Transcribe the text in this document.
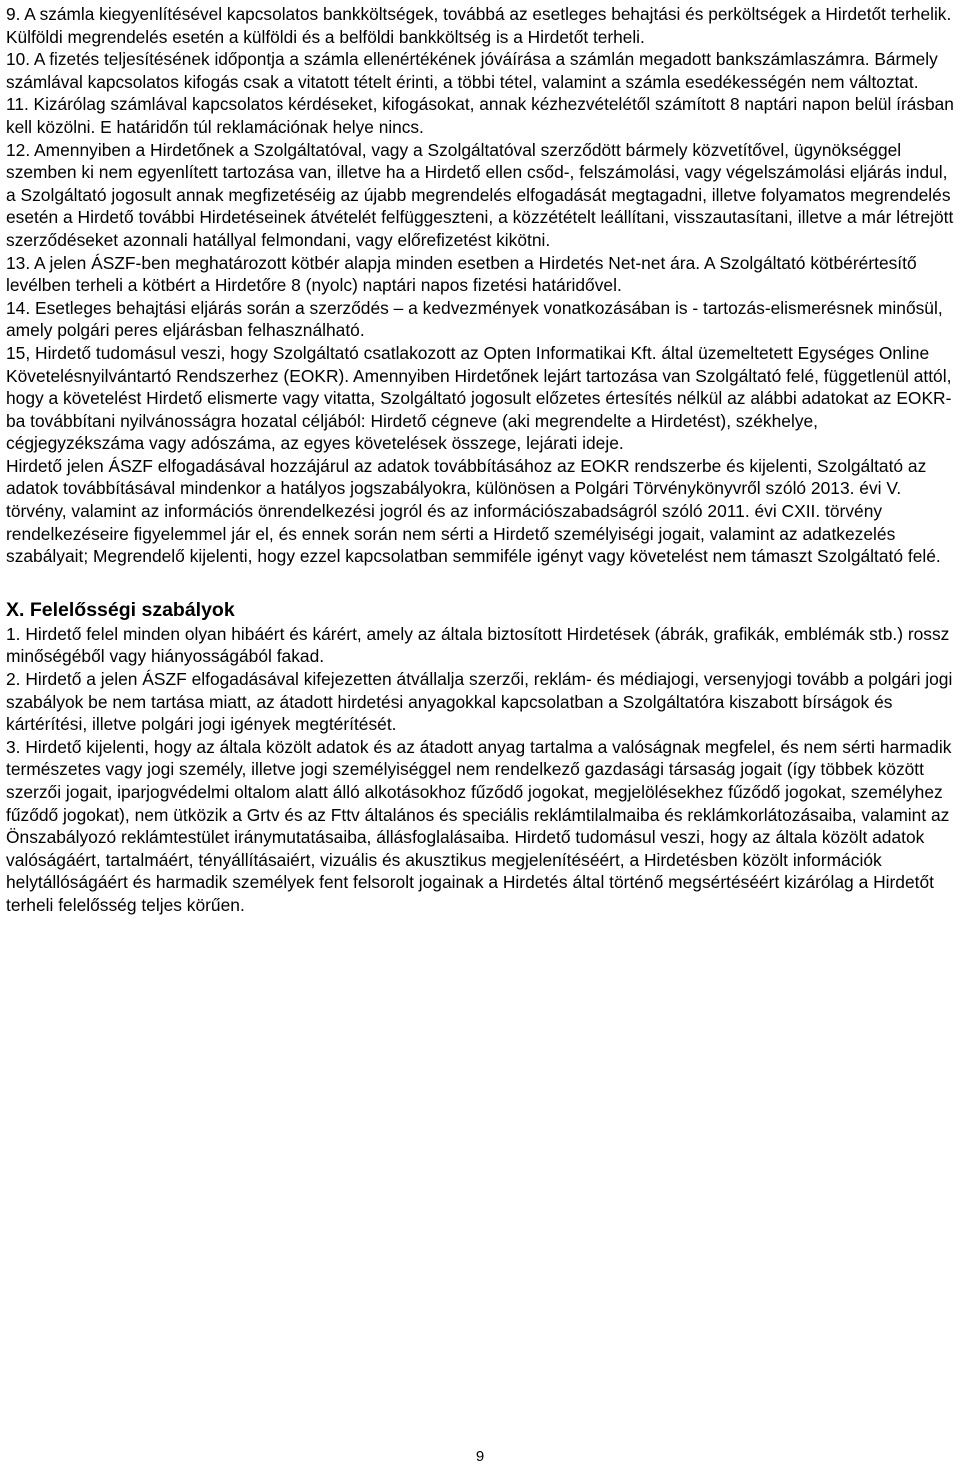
9. A számla kiegyenlítésével kapcsolatos bankköltségek, továbbá az esetleges behajtási és perköltségek a Hirdetőt terhelik. Külföldi megrendelés esetén a külföldi és a belföldi bankköltség is a Hirdetőt terheli.

10. A fizetés teljesítésének időpontja a számla ellenértékének jóváírása a számlán megadott bankszámlaszámra. Bármely számlával kapcsolatos kifogás csak a vitatott tételt érinti, a többi tétel, valamint a számla esedékességén nem változtat.

11. Kizárólag számlával kapcsolatos kérdéseket, kifogásokat, annak kézhezvételétől számított 8 naptári napon belül írásban kell közölni. E határidőn túl reklamációnak helye nincs.

12. Amennyiben a Hirdetőnek a Szolgáltatóval, vagy a Szolgáltatóval szerződött bármely közvetítővel, ügynökséggel szemben ki nem egyenlített tartozása van, illetve ha a Hirdető ellen csőd-, felszámolási, vagy végelszámolási eljárás indul, a Szolgáltató jogosult annak megfizetéséig az újabb megrendelés elfogadását megtagadni, illetve folyamatos megrendelés esetén a Hirdető további Hirdetéseinek átvételét felfüggeszteni, a közzétételt leállítani, visszautasítani, illetve a már létrejött szerződéseket azonnali hatállyal felmondani, vagy előrefizetést kikötni.

13. A jelen ÁSZF-ben meghatározott kötbér alapja minden esetben a Hirdetés Net-net ára. A Szolgáltató kötbérértesítő levélben terheli a kötbért a Hirdetőre 8 (nyolc) naptári napos fizetési határidővel.

14. Esetleges behajtási eljárás során a szerződés – a kedvezmények vonatkozásában is - tartozás-elismerésnek minősül, amely polgári peres eljárásban felhasználható.

15, Hirdető tudomásul veszi, hogy Szolgáltató csatlakozott az Opten Informatikai Kft. által üzemeltetett Egységes Online Követelésnyilvántartó Rendszerhez (EOKR). Amennyiben Hirdetőnek lejárt tartozása van Szolgáltató felé, függetlenül attól, hogy a követelést Hirdető elismerte vagy vitatta, Szolgáltató jogosult előzetes értesítés nélkül az alábbi adatokat az EOKR-ba továbbítani nyilvánosságra hozatal céljából: Hirdető cégneve (aki megrendelte a Hirdetést), székhelye, cégjegyzékszáma vagy adószáma, az egyes követelések összege, lejárati ideje.

Hirdető jelen ÁSZF elfogadásával hozzájárul az adatok továbbításához az EOKR rendszerbe és kijelenti, Szolgáltató az adatok továbbításával mindenkor a hatályos jogszabályokra, különösen a Polgári Törvénykönyvről szóló 2013. évi V. törvény, valamint az információs önrendelkezési jogról és az információszabadságról szóló 2011. évi CXII. törvény rendelkezéseire figyelemmel jár el, és ennek során nem sérti a Hirdető személyiségi jogait, valamint az adatkezelés szabályait; Megrendelő kijelenti, hogy ezzel kapcsolatban semmiféle igényt vagy követelést nem támaszt Szolgáltató felé.

X. Felelősségi szabályok

1. Hirdető felel minden olyan hibáért és kárért, amely az általa biztosított Hirdetések (ábrák, grafikák, emblémák stb.) rossz minőségéből vagy hiányosságából fakad.

2. Hirdető a jelen ÁSZF elfogadásával kifejezetten átvállalja szerzői, reklám- és médiajogi, versenyjogi tovább a polgári jogi szabályok be nem tartása miatt, az átadott hirdetési anyagokkal kapcsolatban a Szolgáltatóra kiszabott bírságok és kártérítési, illetve polgári jogi igények megtérítését.

3. Hirdető kijelenti, hogy az általa közölt adatok és az átadott anyag tartalma a valóságnak megfelel, és nem sérti harmadik természetes vagy jogi személy, illetve jogi személyiséggel nem rendelkező gazdasági társaság jogait (így többek között szerzői jogait, iparjogvédelmi oltalom alatt álló alkotásokhoz fűződő jogokat, megjelölésekhez fűződő jogokat, személyhez fűződő jogokat), nem ütközik a Grtv és az Fttv általános és speciális reklámtilalmaiba és reklámkorlátozásaiba, valamint az Önszabályozó reklámtestület iránymutatásaiba, állásfoglalásaiba. Hirdető tudomásul veszi, hogy az általa közölt adatok valóságáért, tartalmáért, tényállításaiért, vizuális és akusztikus megjelenítéséért, a Hirdetésben közölt információk helytállóságáért és harmadik személyek fent felsorolt jogainak a Hirdetés által történő megsértéséért kizárólag a Hirdetőt terheli felelősség teljes körűen.

9
